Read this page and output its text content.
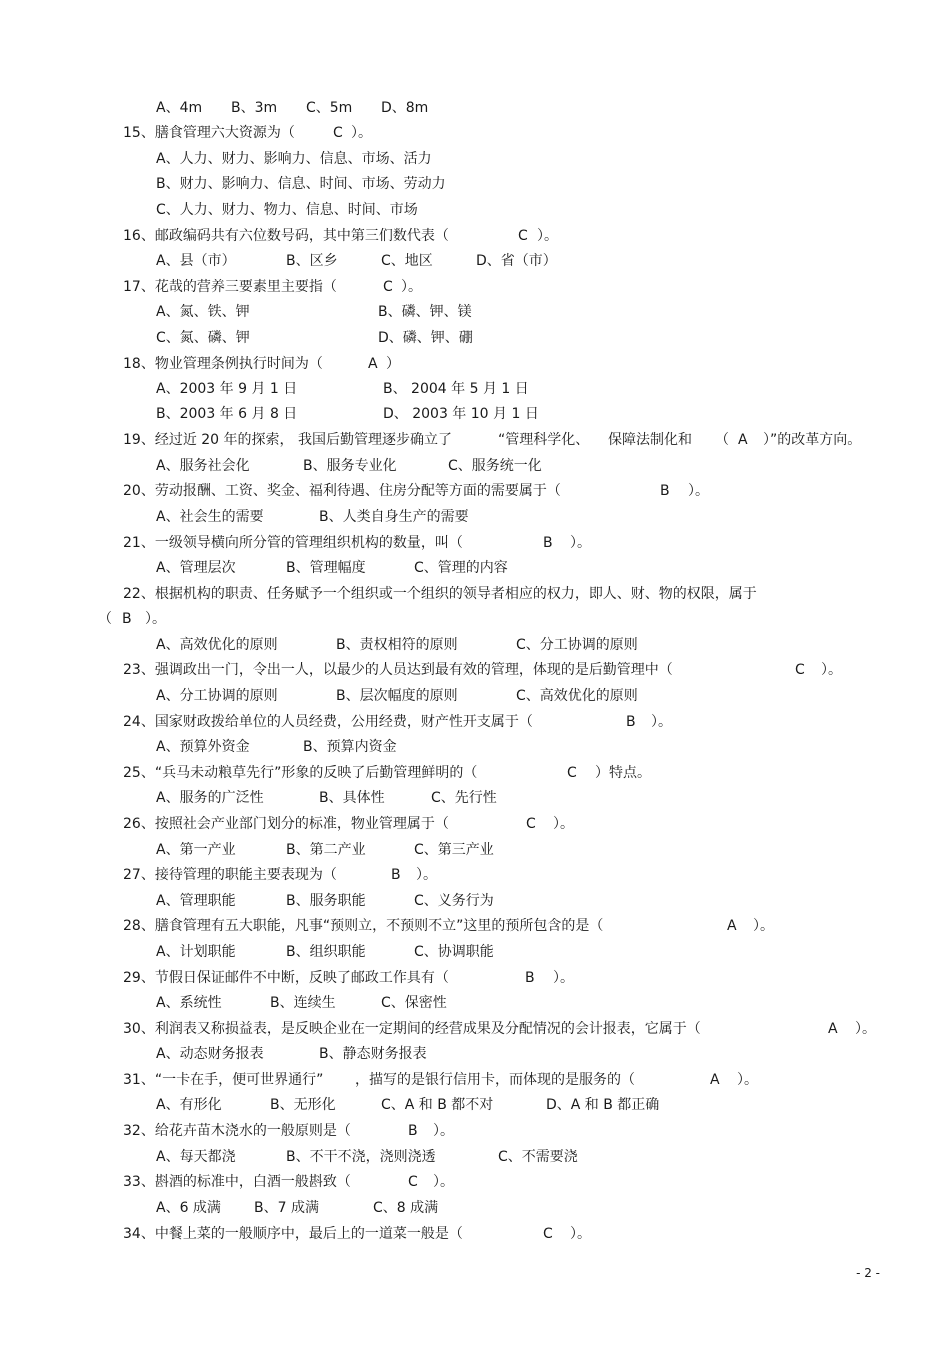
A、4m B、3m C、5m D、8m
15、膳食管理六大资源为（	C ）。
A、人力、财力、影响力、信息、市场、活力
B、财力、影响力、信息、时间、市场、劳动力
C、人力、财力、物力、信息、时间、市场
16、邮政编码共有六位数号码，其中第三们数代表（	C ）。
A、县（市）	B、区乡	C、地区	D、省（市）
17、花哉的营养三要素里主要指（	C ）。
A、氮、铁、钾	B、磷、钾、镁
C、氮、磷、钾	D、磷、钾、硼
18、物业管理条例执行时间为（	A ）
A、2003 年 9 月 1 日	B、 2004 年 5 月 1 日
B、2003 年 6 月 8 日	D、 2003 年 10 月 1 日
19、经过近 20 年的探索， 我国后勤管理逐步确立了	“管理科学化、 保障法制化和 （ A ）”的改革方向。
A、服务社会化	B、服务专业化	C、服务统一化
20、劳动报酬、工资、奖金、福利待遇、住房分配等方面的需要属于（	B ）。
A、社会生的需要	B、人类自身生产的需要
21、一级领导横向所分管的管理组织机构的数量，叫（	B ）。
A、管理层次	B、管理幅度	C、管理的内容
22、根据机构的职责、任务赋予一个组织或一个组织的领导者相应的权力，即人、财、物的权限，属于
（ B ）。
A、高效优化的原则	B、责权相符的原则	C、分工协调的原则
23、强调政出一门，令出一人，以最少的人员达到最有效的管理，体现的是后勤管理中（	C ）。
A、分工协调的原则	B、层次幅度的原则	C、高效优化的原则
24、国家财政拨给单位的人员经费，公用经费，财产性开支属于（	B ）。
A、预算外资金	B、预算内资金
25、“兵马未动粮草先行”形象的反映了后勤管理鲜明的（	C ）特点。
A、服务的广泛性	B、具体性	C、先行性
26、按照社会产业部门划分的标准，物业管理属于（	C ）。
A、第一产业	B、第二产业	C、第三产业
27、接待管理的职能主要表现为（	B ）。
A、管理职能	B、服务职能	C、义务行为
28、膳食管理有五大职能，凡事“预则立，不预则不立”这里的预所包含的是（	A ）。
A、计划职能	B、组织职能	C、协调职能
29、节假日保证邮件不中断，反映了邮政工作具有（	B ）。
A、系统性	B、连续生	C、保密性
30、利润表又称损益表，是反映企业在一定期间的经营成果及分配情况的会计报表，它属于（	A ）。
A、动态财务报表	B、静态财务报表
31、“一卡在手，便可世界通行” ，描写的是银行信用卡，而体现的是服务的（	A ）。
A、有形化	B、无形化	C、A 和 B 都不对	D、A 和 B 都正确
32、给花卉苗木浇水的一般原则是（	B ）。
A、每天都浇	B、不干不浇，浇则浇透	C、不需要浇
33、斟酒的标准中，白酒一般斟致（	C ）。
A、6 成满 B、7 成满	C、8 成满
34、中餐上菜的一般顺序中，最后上的一道菜一般是（	C ）。
- 2 -
